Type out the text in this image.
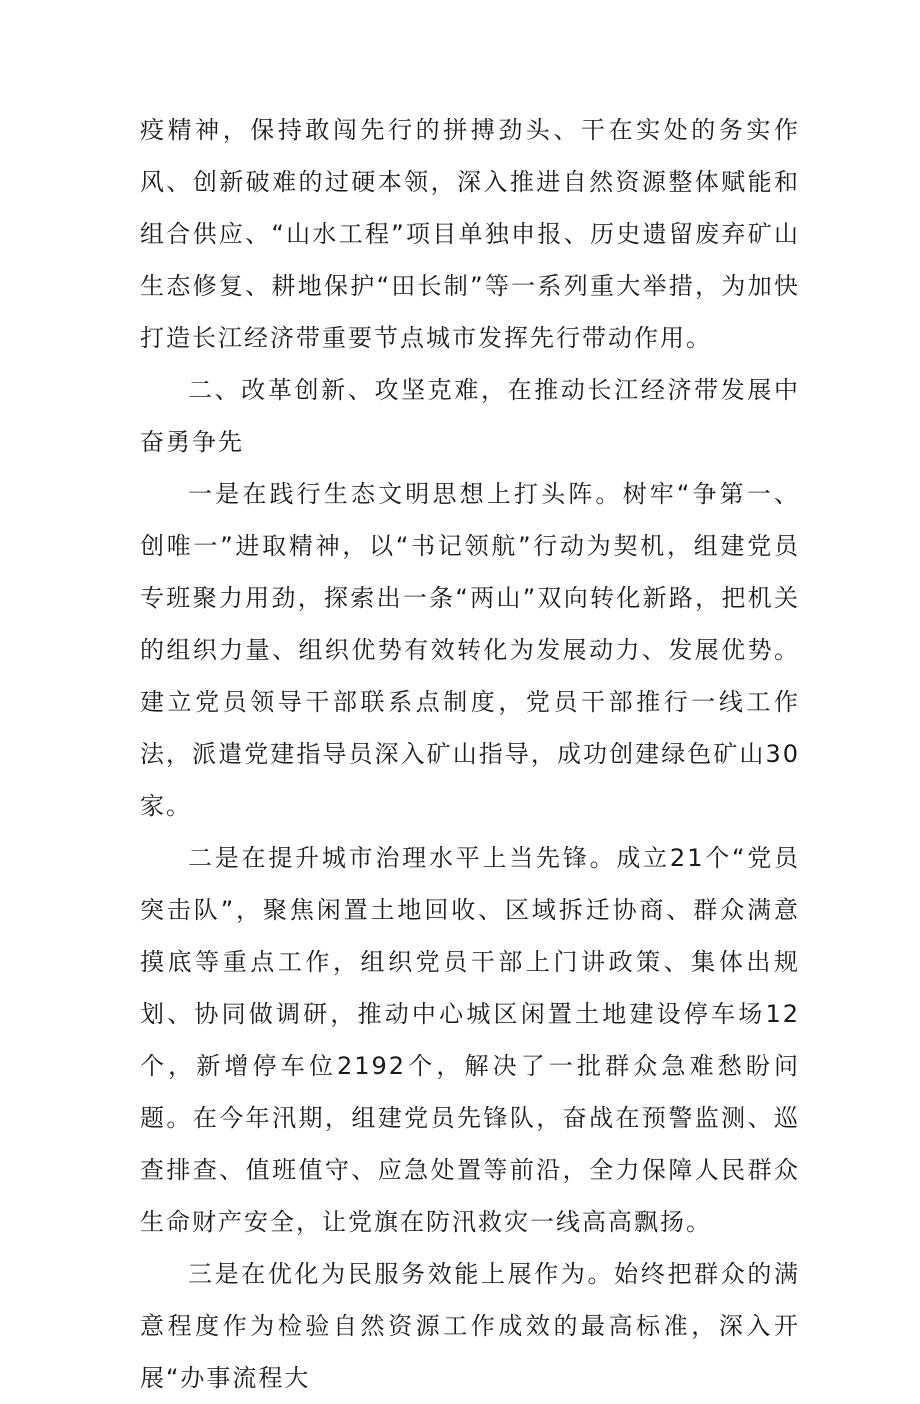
疫精神，保持敢闯先行的拼搏劲头、干在实处的务实作风、创新破难的过硬本领，深入推进自然资源整体赋能和组合供应、“山水工程”项目单独申报、历史遗留废弃矿山生态修复、耕地保护“田长制”等一系列重大举措，为加快打造长江经济带重要节点城市发挥先行带动作用。

二、改革创新、攻坚克难，在推动长江经济带发展中奋勇争先

一是在践行生态文明思想上打头阵。树牢“争第一、创唯一”进取精神，以“书记领航”行动为契机，组建党员专班聚力用劲，探索出一条“两山”双向转化新路，把机关的组织力量、组织优势有效转化为发展动力、发展优势。建立党员领导干部联系点制度，党员干部推行一线工作法，派遣党建指导员深入矿山指导，成功创建绿色矿山30家。

二是在提升城市治理水平上当先锋。成立21个“党员突击队”，聚焦闲置土地回收、区域拆迁协商、群众满意摸底等重点工作，组织党员干部上门讲政策、集体出规划、协同做调研，推动中心城区闲置土地建设停车场12个，新增停车位2192个，解决了一批群众急难愁盼问题。在今年汛期，组建党员先锋队，奋战在预警监测、巡查排查、值班值守、应急处置等前沿，全力保障人民群众生命财产安全，让党旗在防汛救灾一线高高飘扬。

三是在优化为民服务效能上展作为。始终把群众的满意程度作为检验自然资源工作成效的最高标准，深入开展“办事流程大
